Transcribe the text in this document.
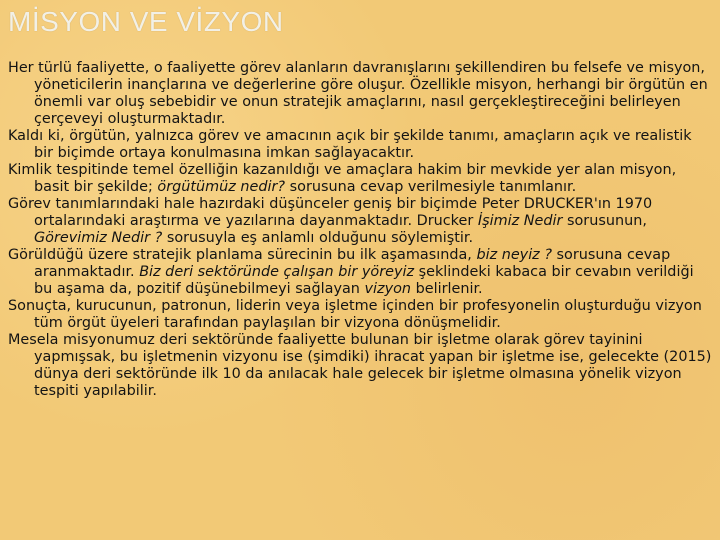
MİSYON VE VİZYON

Her türlü faaliyette, o faaliyette görev alanların davranışlarını şekillendiren bu felsefe ve misyon, yöneticilerin inançlarına ve değerlerine göre oluşur. Özellikle misyon, herhangi bir örgütün en önemli var oluş sebebidir ve onun stratejik amaçlarını, nasıl gerçekleştireceğini belirleyen çerçeveyi oluşturmaktadır.

Kaldı ki, örgütün, yalnızca görev ve amacının açık bir şekilde tanımı, amaçların açık ve realistik bir biçimde ortaya konulmasına imkan sağlayacaktır.

Kimlik tespitinde temel özelliğin kazanıldığı ve amaçlara hakim bir mevkide yer alan misyon, basit bir şekilde; örgütümüz nedir? sorusuna cevap verilmesiyle tanımlanır.

Görev tanımlarındaki hale hazırdaki düşünceler geniş bir biçimde Peter DRUCKER'ın 1970 ortalarındaki araştırma ve yazılarına dayanmaktadır. Drucker İşimiz Nedir sorusunun, Görevimiz Nedir ? sorusuyla eş anlamlı olduğunu söylemiştir.

Görüldüğü üzere stratejik planlama sürecinin bu ilk aşamasında, biz neyiz ? sorusuna cevap aranmaktadır. Biz deri sektöründe çalışan bir yöreyiz şeklindeki kabaca bir cevabın verildiği bu aşama da, pozitif düşünebilmeyi sağlayan vizyon belirlenir.

Sonuçta, kurucunun, patronun, liderin veya işletme içinden bir profesyonelin oluşturduğu vizyon tüm örgüt üyeleri tarafından paylaşılan bir vizyona dönüşmelidir.

Mesela misyonumuz deri sektöründe faaliyette bulunan bir işletme olarak görev tayinini yapmışsak, bu işletmenin vizyonu ise (şimdiki) ihracat yapan bir işletme ise, gelecekte (2015) dünya deri sektöründe ilk 10 da anılacak hale gelecek bir işletme olmasına yönelik vizyon tespiti yapılabilir.
